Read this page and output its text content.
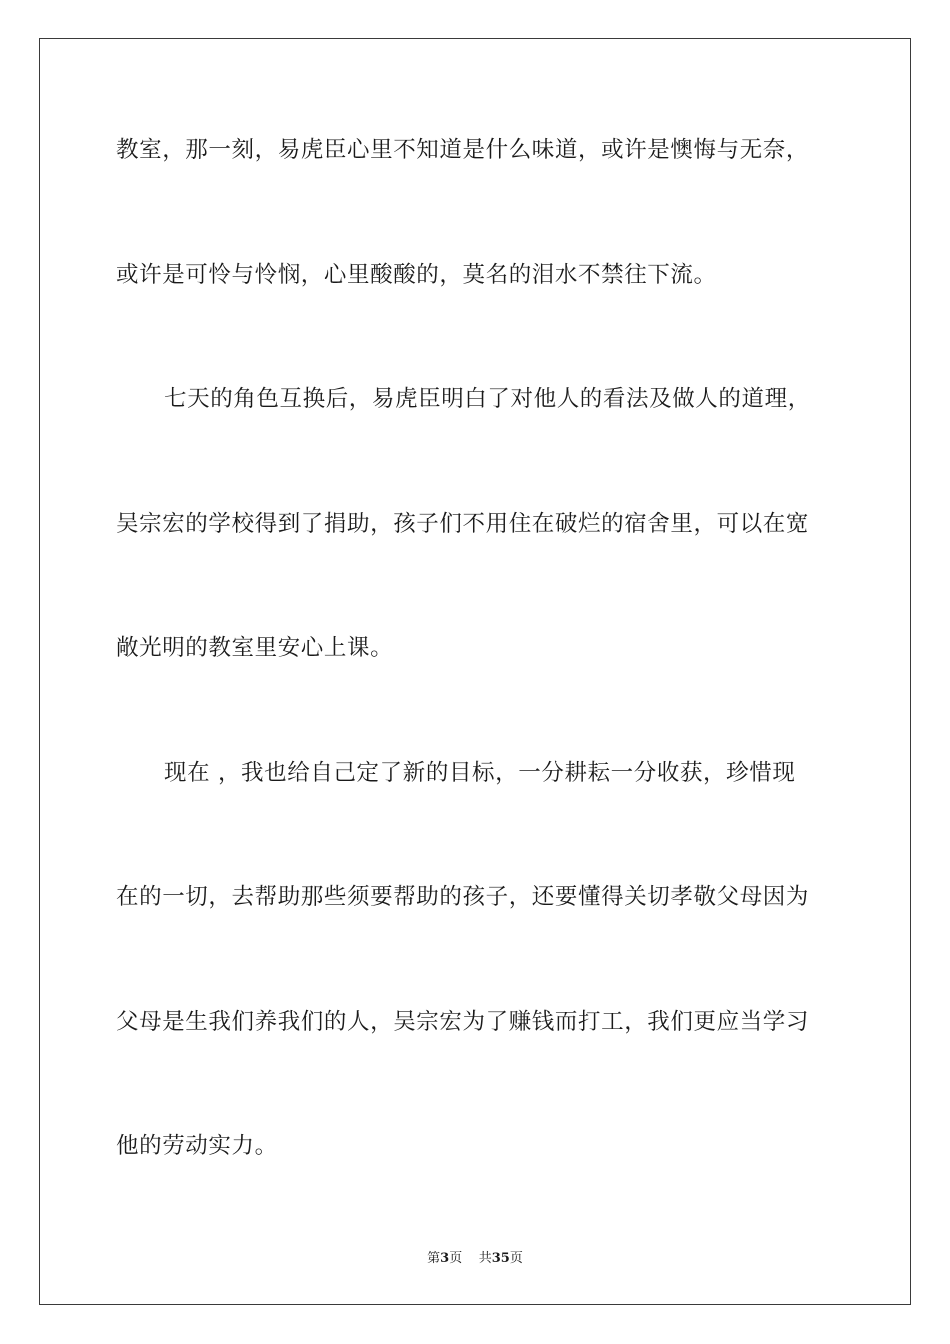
教室，那一刻，易虎臣心里不知道是什么味道，或许是懊悔与无奈，
或许是可怜与怜悯，心里酸酸的，莫名的泪水不禁往下流。
七天的角色互换后，易虎臣明白了对他人的看法及做人的道理，
吴宗宏的学校得到了捐助，孩子们不用住在破烂的宿舍里，可以在宽
敞光明的教室里安心上课。
现在 ，我也给自己定了新的目标，一分耕耘一分收获，珍惜现
在的一切，去帮助那些须要帮助的孩子，还要懂得关切孝敬父母因为
父母是生我们养我们的人，吴宗宏为了赚钱而打工，我们更应当学习
他的劳动实力。
第3页 共35页
